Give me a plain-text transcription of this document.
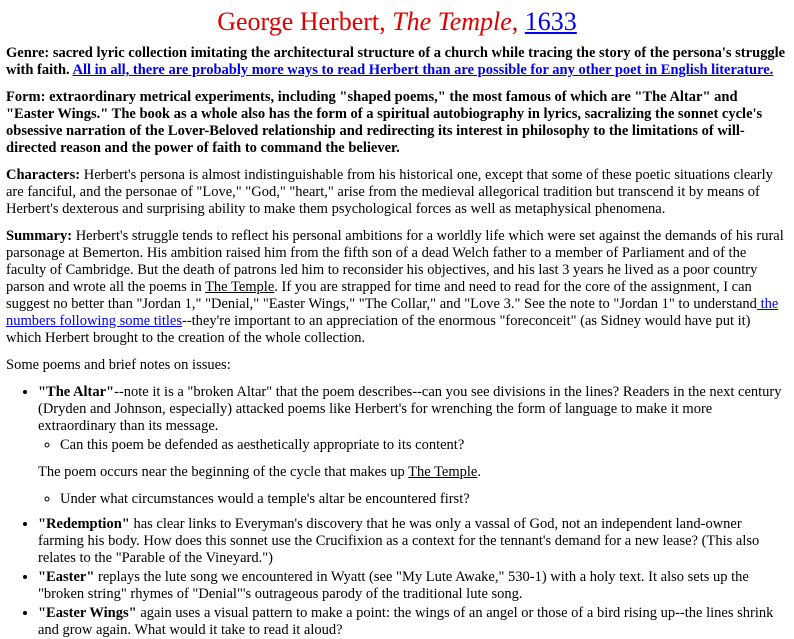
George Herbert, The Temple, 1633

Genre: sacred lyric collection imitating the architectural structure of a church while tracing the story of the persona's struggle with faith. All in all, there are probably more ways to read Herbert than are possible for any other poet in English literature.

Form: extraordinary metrical experiments, including "shaped poems," the most famous of which are "The Altar" and "Easter Wings." The book as a whole also has the form of a spiritual autobiography in lyrics, sacralizing the sonnet cycle's obsessive narration of the Lover-Beloved relationship and redirecting its interest in philosophy to the limitations of will-directed reason and the power of faith to command the believer.

Characters: Herbert's persona is almost indistinguishable from his historical one, except that some of these poetic situations clearly are fanciful, and the personae of "Love," "God," "heart," arise from the medieval allegorical tradition but transcend it by means of Herbert's dexterous and surprising ability to make them psychological forces as well as metaphysical phenomena.

Summary: Herbert's struggle tends to reflect his personal ambitions for a worldly life which were set against the demands of his rural parsonage at Bemerton. His ambition raised him from the fifth son of a dead Welch father to a member of Parliament and of the faculty of Cambridge. But the death of patrons led him to reconsider his objectives, and his last 3 years he lived as a poor country parson and wrote all the poems in The Temple. If you are strapped for time and need to read for the core of the assignment, I can suggest no better than "Jordan 1," "Denial," "Easter Wings," "The Collar," and "Love 3." See the note to "Jordan 1" to understand the numbers following some titles--they're important to an appreciation of the enormous "foreconceit" (as Sidney would have put it) which Herbert brought to the creation of the whole collection.

Some poems and brief notes on issues:

• "The Altar"--note it is a "broken Altar" that the poem describes--can you see divisions in the lines? Readers in the next century (Dryden and Johnson, especially) attacked poems like Herbert's for wrenching the form of language to make it more extraordinary than its message.
◦ Can this poem be defended as aesthetically appropriate to its content?
The poem occurs near the beginning of the cycle that makes up The Temple.
◦ Under what circumstances would a temple's altar be encountered first?
• "Redemption" has clear links to Everyman's discovery that he was only a vassal of God, not an independent land-owner farming his body. How does this sonnet use the Crucifixion as a context for the tennant's demand for a new lease? (This also relates to the "Parable of the Vineyard.")
• "Easter" replays the lute song we encountered in Wyatt (see "My Lute Awake," 530-1) with a holy text. It also sets up the "broken string" rhymes of "Denial"'s outrageous parody of the traditional lute song.
• "Easter Wings" again uses a visual pattern to make a point: the wings of an angel or those of a bird rising up--the lines shrink and grow again. What would it take to read it aloud?
